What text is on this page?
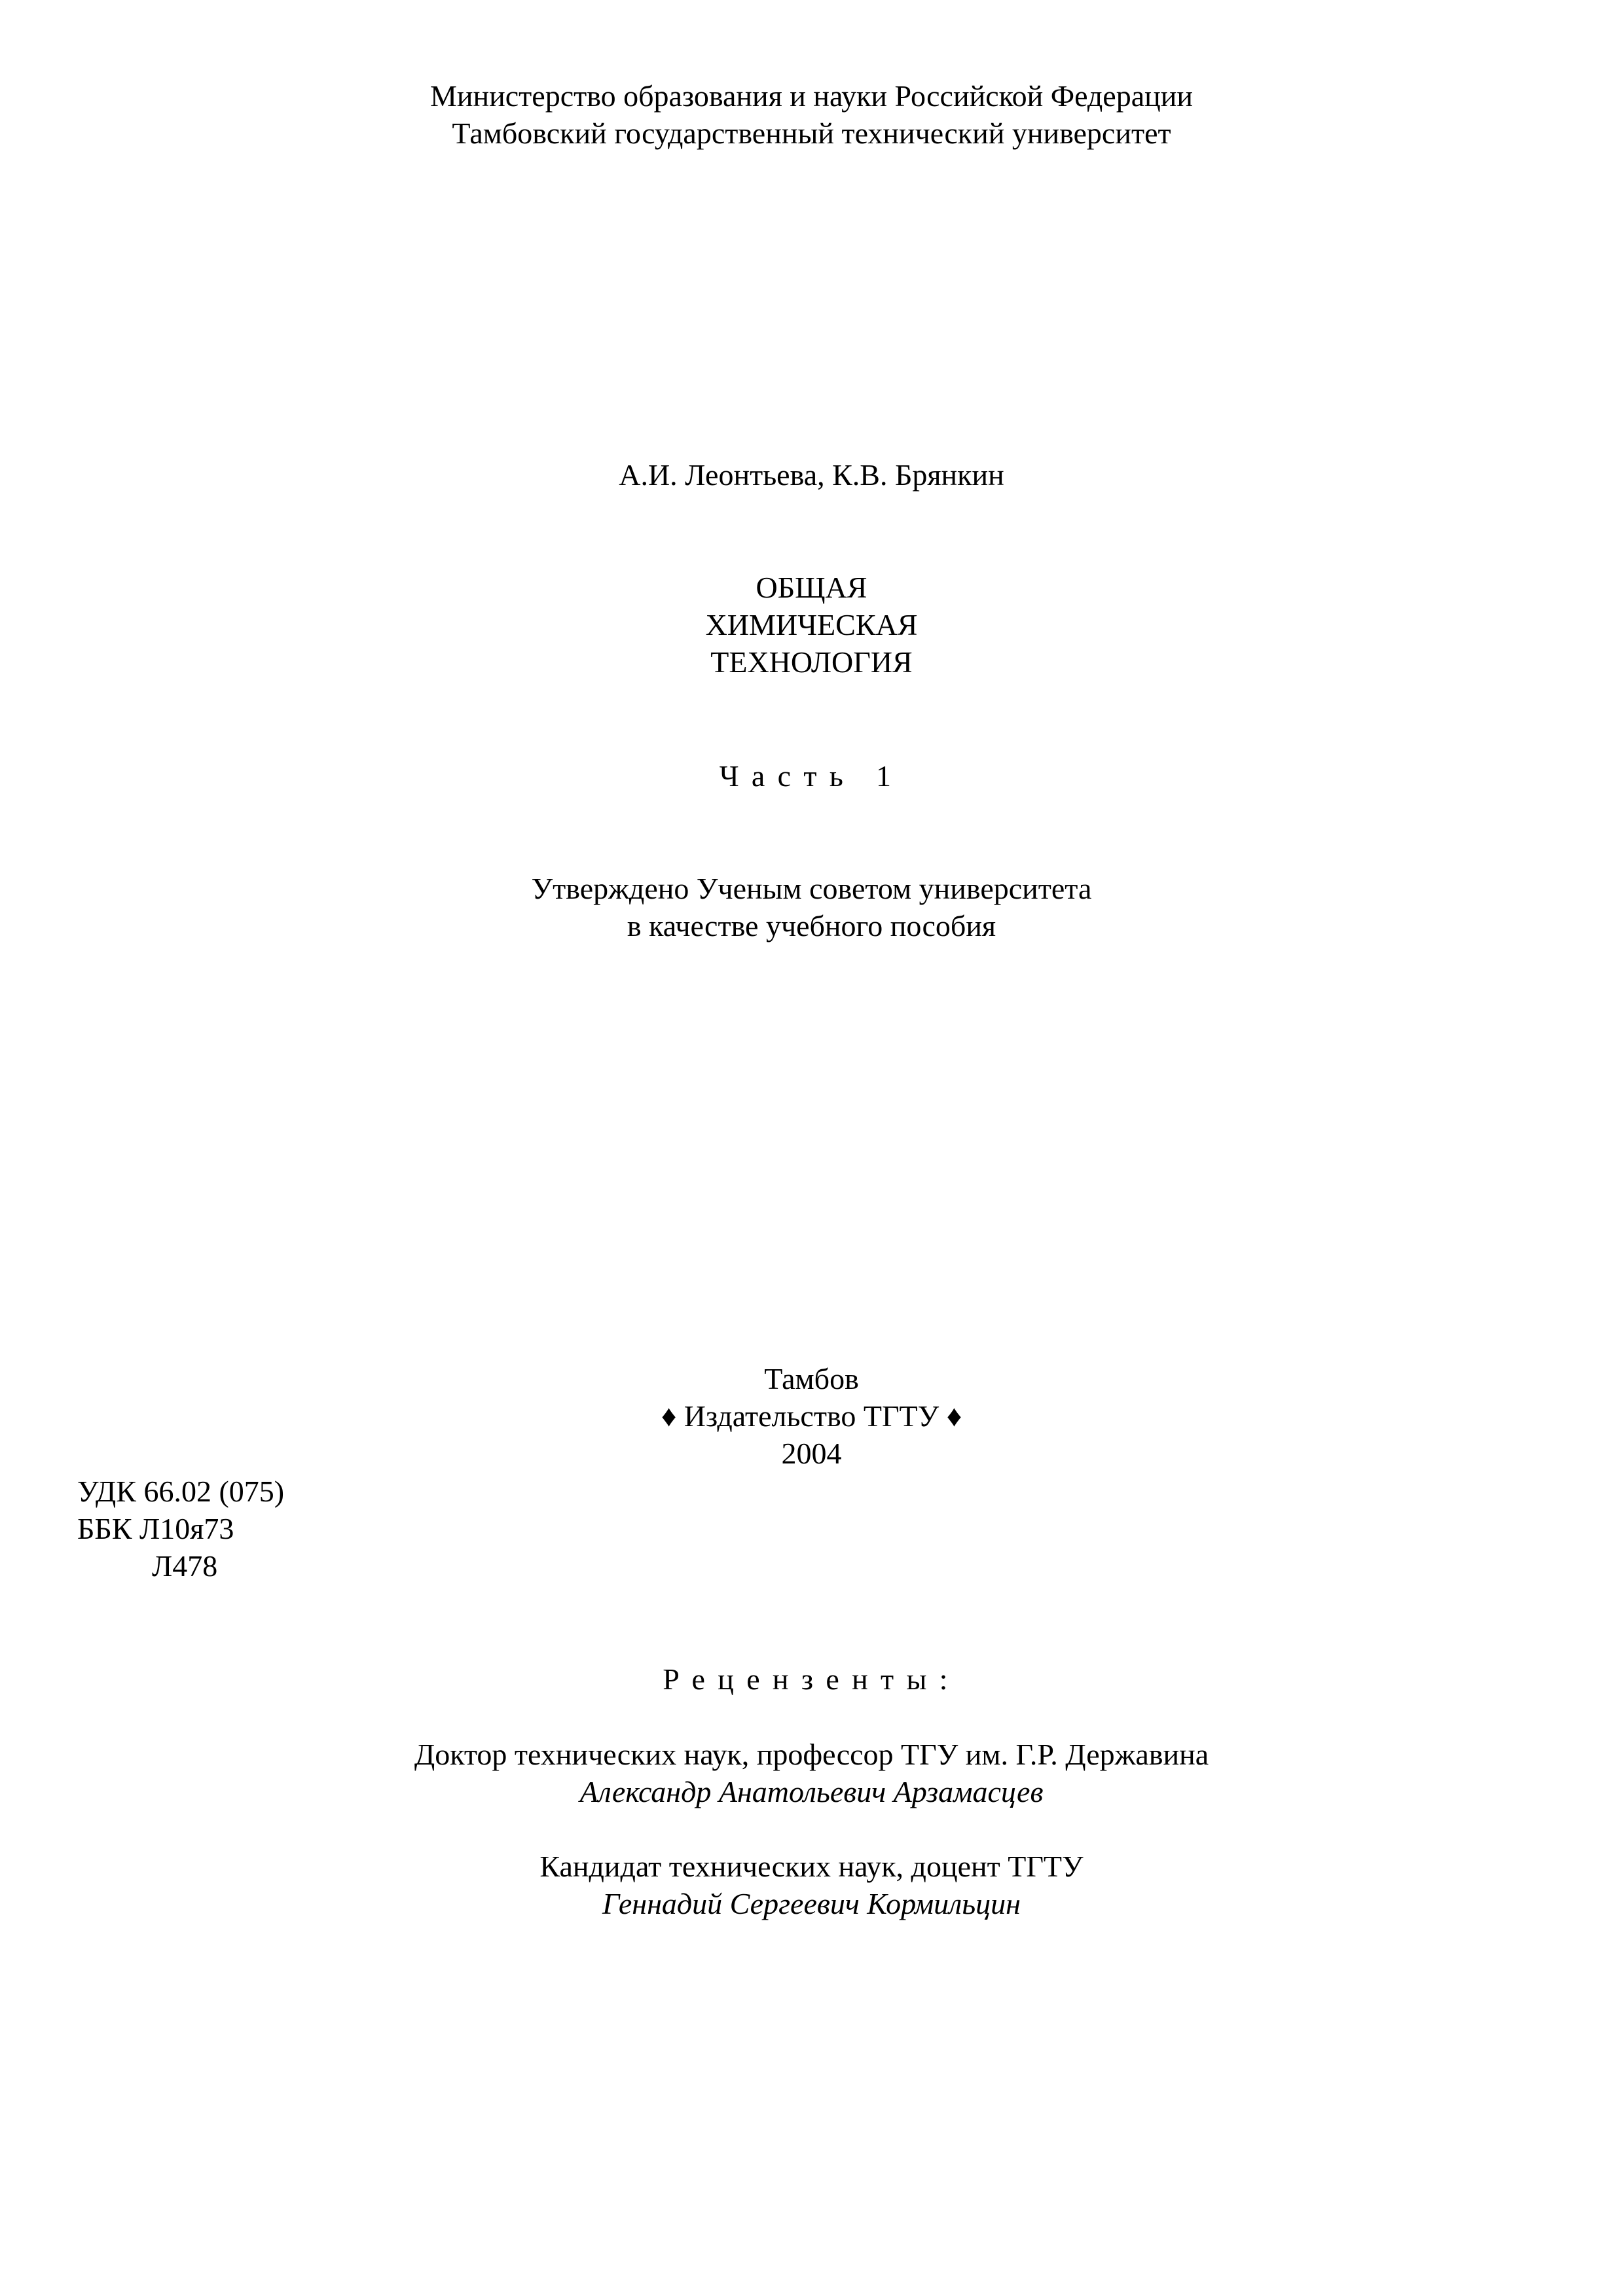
Министерство образования и науки Российской Федерации
Тамбовский государственный технический университет
А.И. Леонтьева, К.В. Брянкин
ОБЩАЯ
ХИМИЧЕСКАЯ
ТЕХНОЛОГИЯ
Часть 1
Утверждено Ученым советом университета
в качестве учебного пособия
Тамбов
♦ Издательство ТГТУ ♦
2004
УДК 66.02 (075)
ББК Л10я73
Л478
Рецензенты:
Доктор технических наук, профессор ТГУ им. Г.Р. Державина
Александр Анатольевич Арзамасцев
Кандидат технических наук, доцент ТГТУ
Геннадий Сергеевич Кормильцин
